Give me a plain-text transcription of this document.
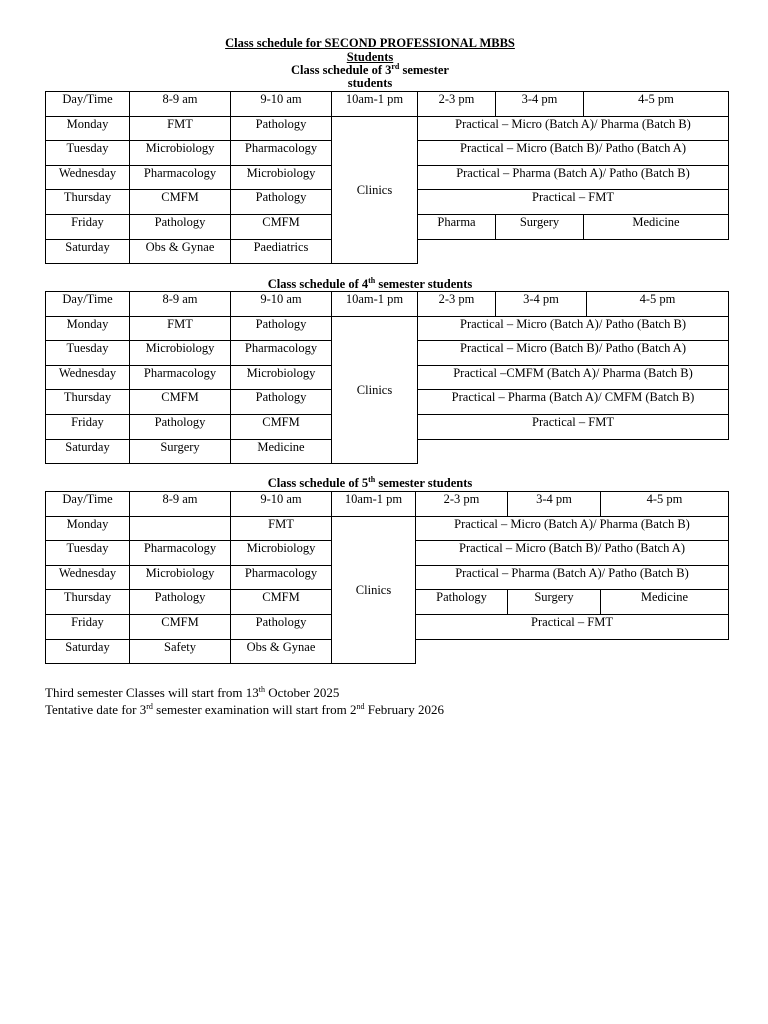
Class schedule for SECOND PROFESSIONAL MBBS
Students
Class schedule of 3rd semester
students
Day/Time	8-9 am	9-10 am	10am-1 pm	2-3 pm	3-4 pm	4-5 pm
Monday	FMT	Pathology	Clinics	Practical – Micro (Batch A)/ Pharma (Batch B)		
Tuesday	Microbiology	Pharmacology		Practical – Micro (Batch B)/ Patho (Batch A)		
Wednesday	Pharmacology	Microbiology		Practical – Pharma (Batch A)/ Patho (Batch B)		
Thursday	CMFM	Pathology		Practical – FMT		
Friday	Pathology	CMFM		Pharma	Surgery	Medicine
Saturday	Obs & Gynae	Paediatrics				
Class schedule of 4th semester students
Day/Time	8-9 am	9-10 am	10am-1 pm	2-3 pm	3-4 pm	4-5 pm
Monday	FMT	Pathology	Clinics	Practical – Micro (Batch A)/ Patho (Batch B)		
Tuesday	Microbiology	Pharmacology		Practical – Micro (Batch B)/ Patho (Batch A)		
Wednesday	Pharmacology	Microbiology		Practical –CMFM (Batch A)/ Pharma (Batch B)		
Thursday	CMFM	Pathology		Practical – Pharma (Batch A)/ CMFM (Batch B)		
Friday	Pathology	CMFM		Practical – FMT		
Saturday	Surgery	Medicine				
Class schedule of 5th semester students
Day/Time	8-9 am	9-10 am	10am-1 pm	2-3 pm	3-4 pm	4-5 pm
Monday		FMT	Clinics	Practical – Micro (Batch A)/ Pharma (Batch B)		
Tuesday	Pharmacology	Microbiology		Practical – Micro (Batch B)/ Patho (Batch A)		
Wednesday	Microbiology	Pharmacology		Practical – Pharma (Batch A)/ Patho (Batch B)		
Thursday	Pathology	CMFM		Pathology	Surgery	Medicine
Friday	CMFM	Pathology		Practical – FMT		
Saturday	Safety	Obs & Gynae				
Third semester Classes will start from 13th October 2025
Tentative date for 3rd semester examination will start from 2nd February 2026
